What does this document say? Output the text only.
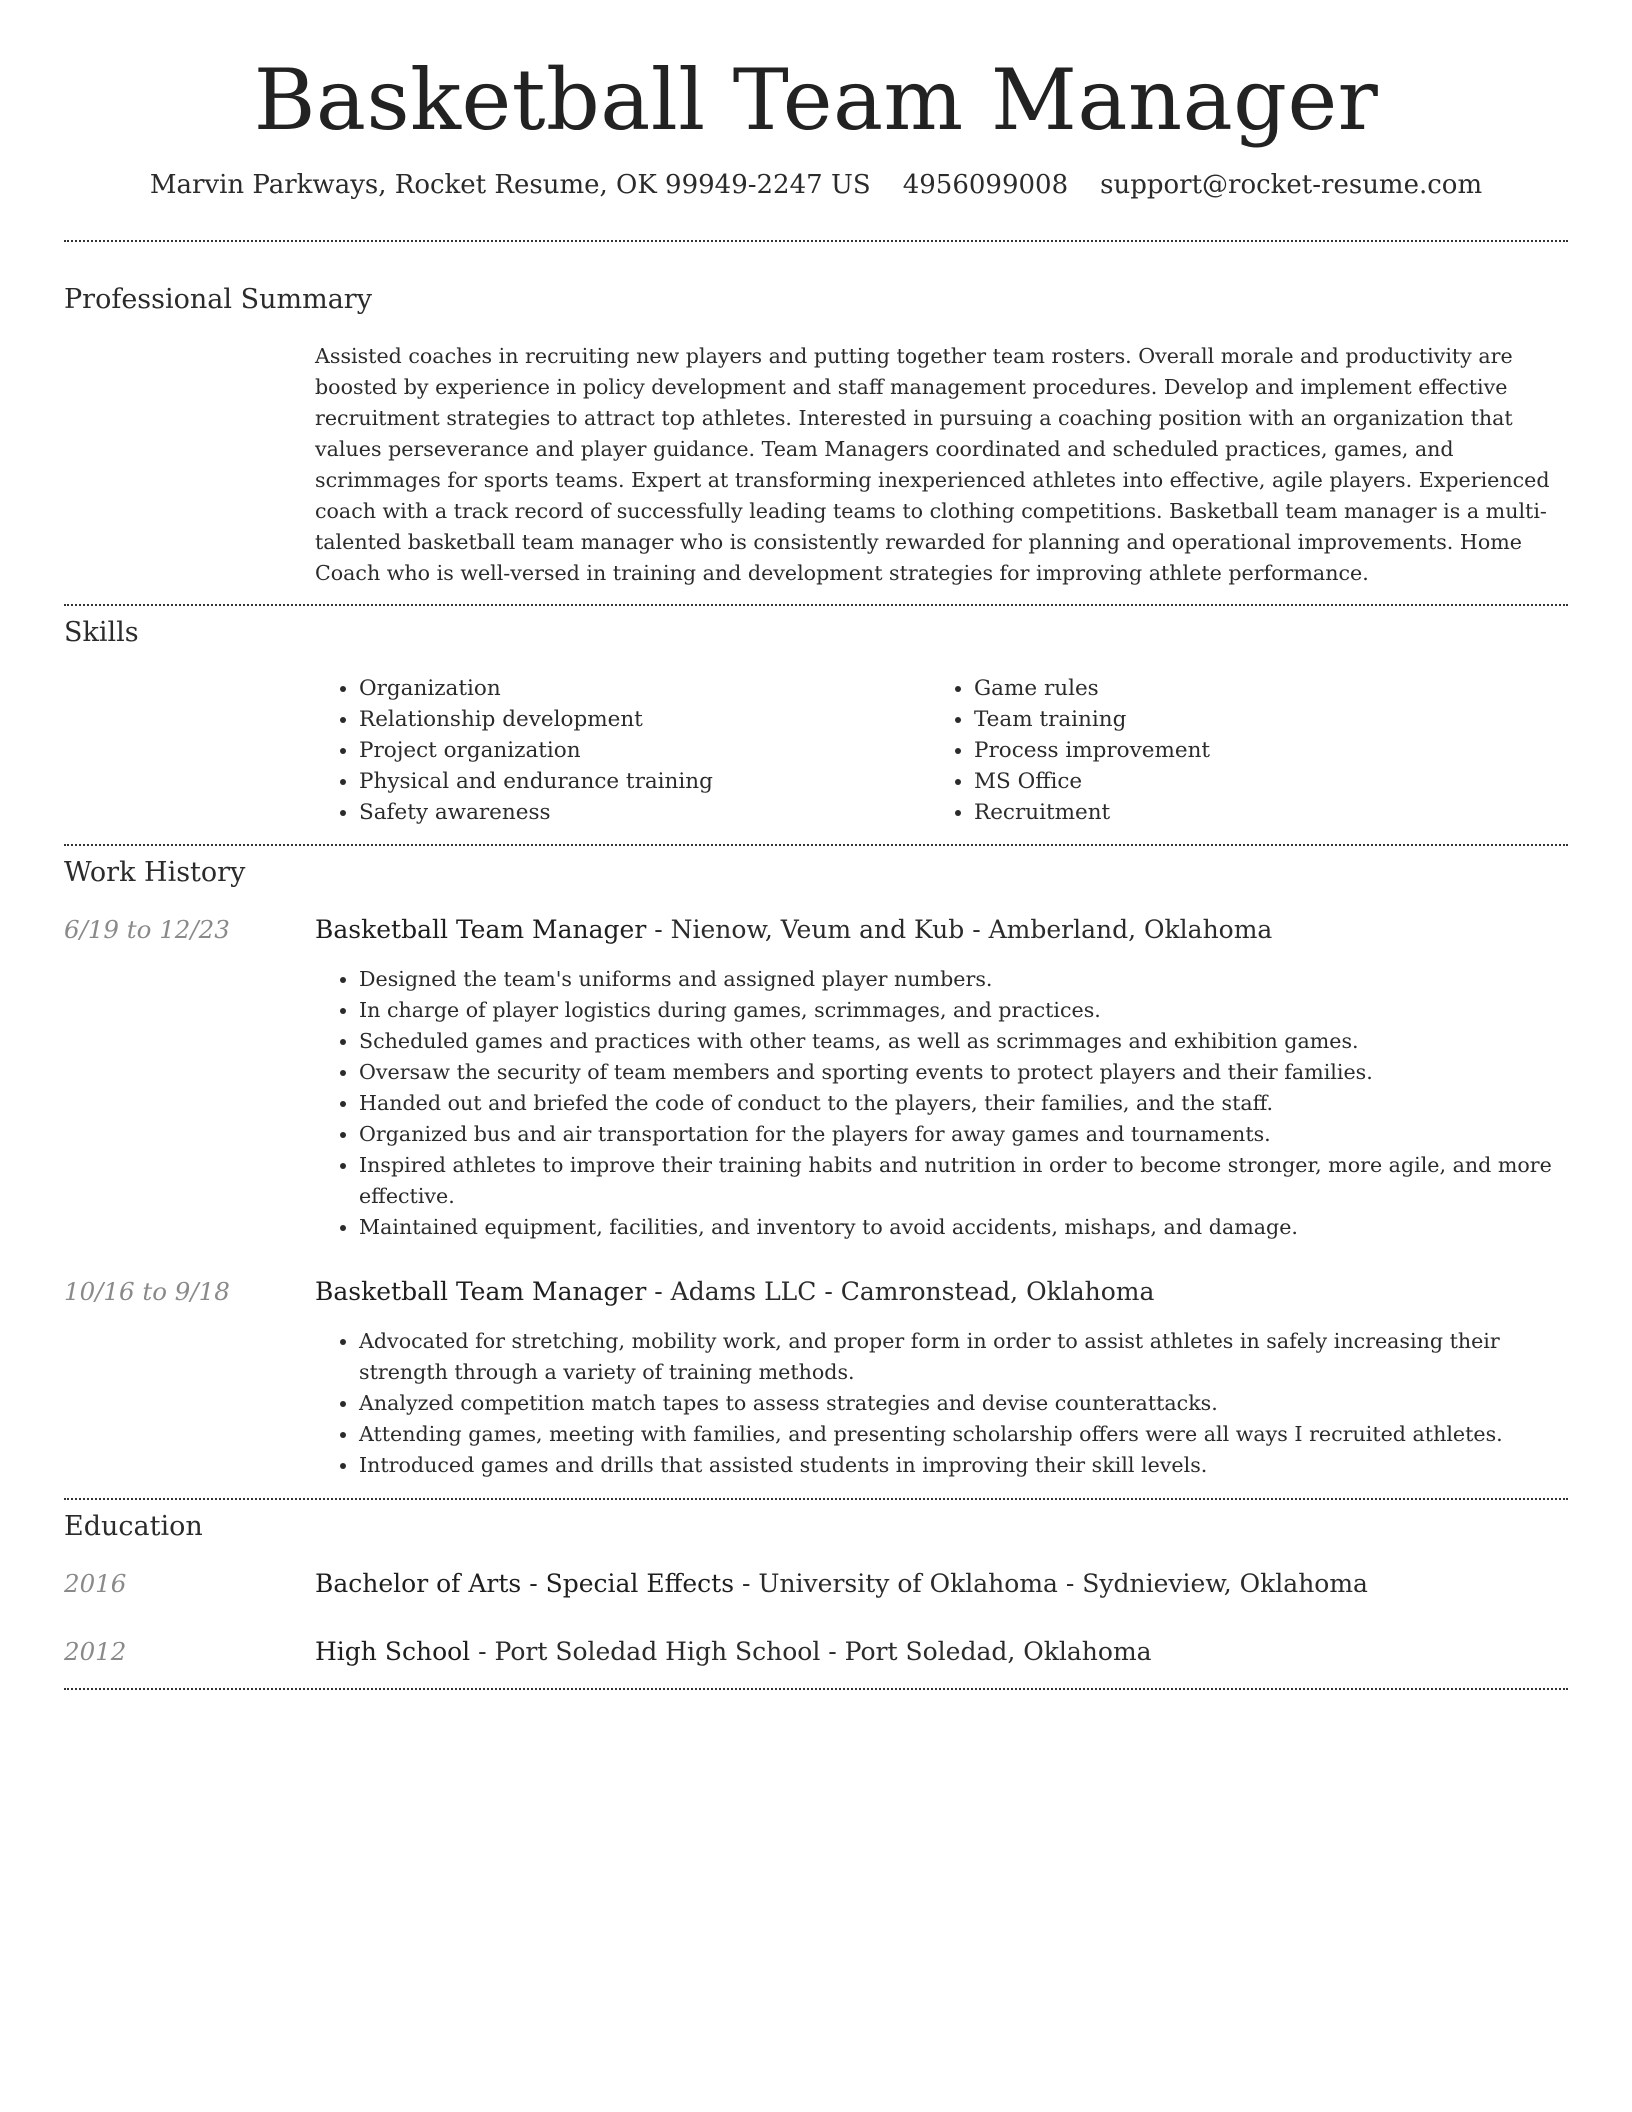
Basketball Team Manager
Marvin Parkways, Rocket Resume, OK 99949-2247 US 4956099008 support@rocket-resume.com
Professional Summary

Assisted coaches in recruiting new players and putting together team rosters. Overall morale and productivity are boosted by experience in policy development and staff management procedures. Develop and implement effective recruitment strategies to attract top athletes. Interested in pursuing a coaching position with an organization that values perseverance and player guidance. Team Managers coordinated and scheduled practices, games, and scrimmages for sports teams. Expert at transforming inexperienced athletes into effective, agile players. Experienced coach with a track record of successfully leading teams to clothing competitions. Basketball team manager is a multi-talented basketball team manager who is consistently rewarded for planning and operational improvements. Home Coach who is well-versed in training and development strategies for improving athlete performance.

Skills
• Organization
• Relationship development
• Project organization
• Physical and endurance training
• Safety awareness
• Game rules
• Team training
• Process improvement
• MS Office
• Recruitment
Work History
6/19 to 12/23	Basketball Team Manager - Nienow, Veum and Kub - Amberland, Oklahoma
• Designed the team's uniforms and assigned player numbers.
• In charge of player logistics during games, scrimmages, and practices.
• Scheduled games and practices with other teams, as well as scrimmages and exhibition games.
• Oversaw the security of team members and sporting events to protect players and their families.
• Handed out and briefed the code of conduct to the players, their families, and the staff.
• Organized bus and air transportation for the players for away games and tournaments.
• Inspired athletes to improve their training habits and nutrition in order to become stronger, more agile, and more effective.
• Maintained equipment, facilities, and inventory to avoid accidents, mishaps, and damage.
10/16 to 9/18	Basketball Team Manager - Adams LLC - Camronstead, Oklahoma
• Advocated for stretching, mobility work, and proper form in order to assist athletes in safely increasing their strength through a variety of training methods.
• Analyzed competition match tapes to assess strategies and devise counterattacks.
• Attending games, meeting with families, and presenting scholarship offers were all ways I recruited athletes.
• Introduced games and drills that assisted students in improving their skill levels.
Education
2016	Bachelor of Arts - Special Effects - University of Oklahoma - Sydnieview, Oklahoma
2012	High School - Port Soledad High School - Port Soledad, Oklahoma
